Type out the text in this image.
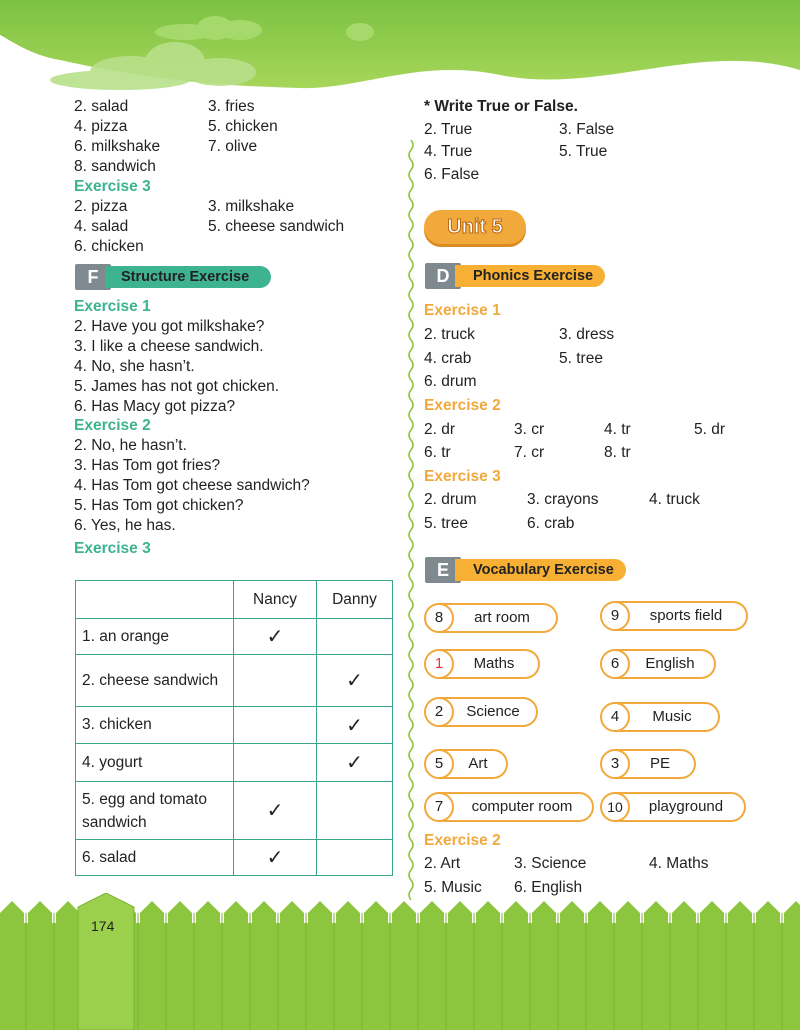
2. salad	3. fries
4. pizza	5. chicken
6. milkshake	7. olive
8. sandwich
Exercise 3
2. pizza	3. milkshake
4. salad	5. cheese sandwich
6. chicken
F	Structure Exercise
Exercise 1
2. Have you got milkshake?
3. I like a cheese sandwich.
4. No, she hasn’t.
5. James has not got chicken.
6. Has Macy got pizza?
Exercise 2
2. No, he hasn’t.
3. Has Tom got fries?
4. Has Tom got cheese sandwich?
5. Has Tom got chicken?
6. Yes, he has.
Exercise 3
	Nancy	Danny
1. an orange	✓	
2. cheese sandwich		✓
3. chicken		✓
4. yogurt		✓
5. egg and tomato sandwich	✓	
6. salad	✓	
* Write True or False.
2. True	3. False
4. True	5. True
6. False
Unit 5
D	Phonics Exercise
Exercise 1
2. truck	3. dress
4. crab	5. tree
6. drum
Exercise 2
2. dr	3. cr	4. tr	5. dr
6. tr	7. cr	8. tr
Exercise 3
2. drum	3. crayons	4. truck
5. tree	6. crab
E	Vocabulary Exercise
8	art room	9	sports field
1	Maths	6	English
2	Science	4	Music
5	Art	3	PE
7	computer room	10	playground
Exercise 2
2. Art	3. Science	4. Maths
5. Music 6. English
174
